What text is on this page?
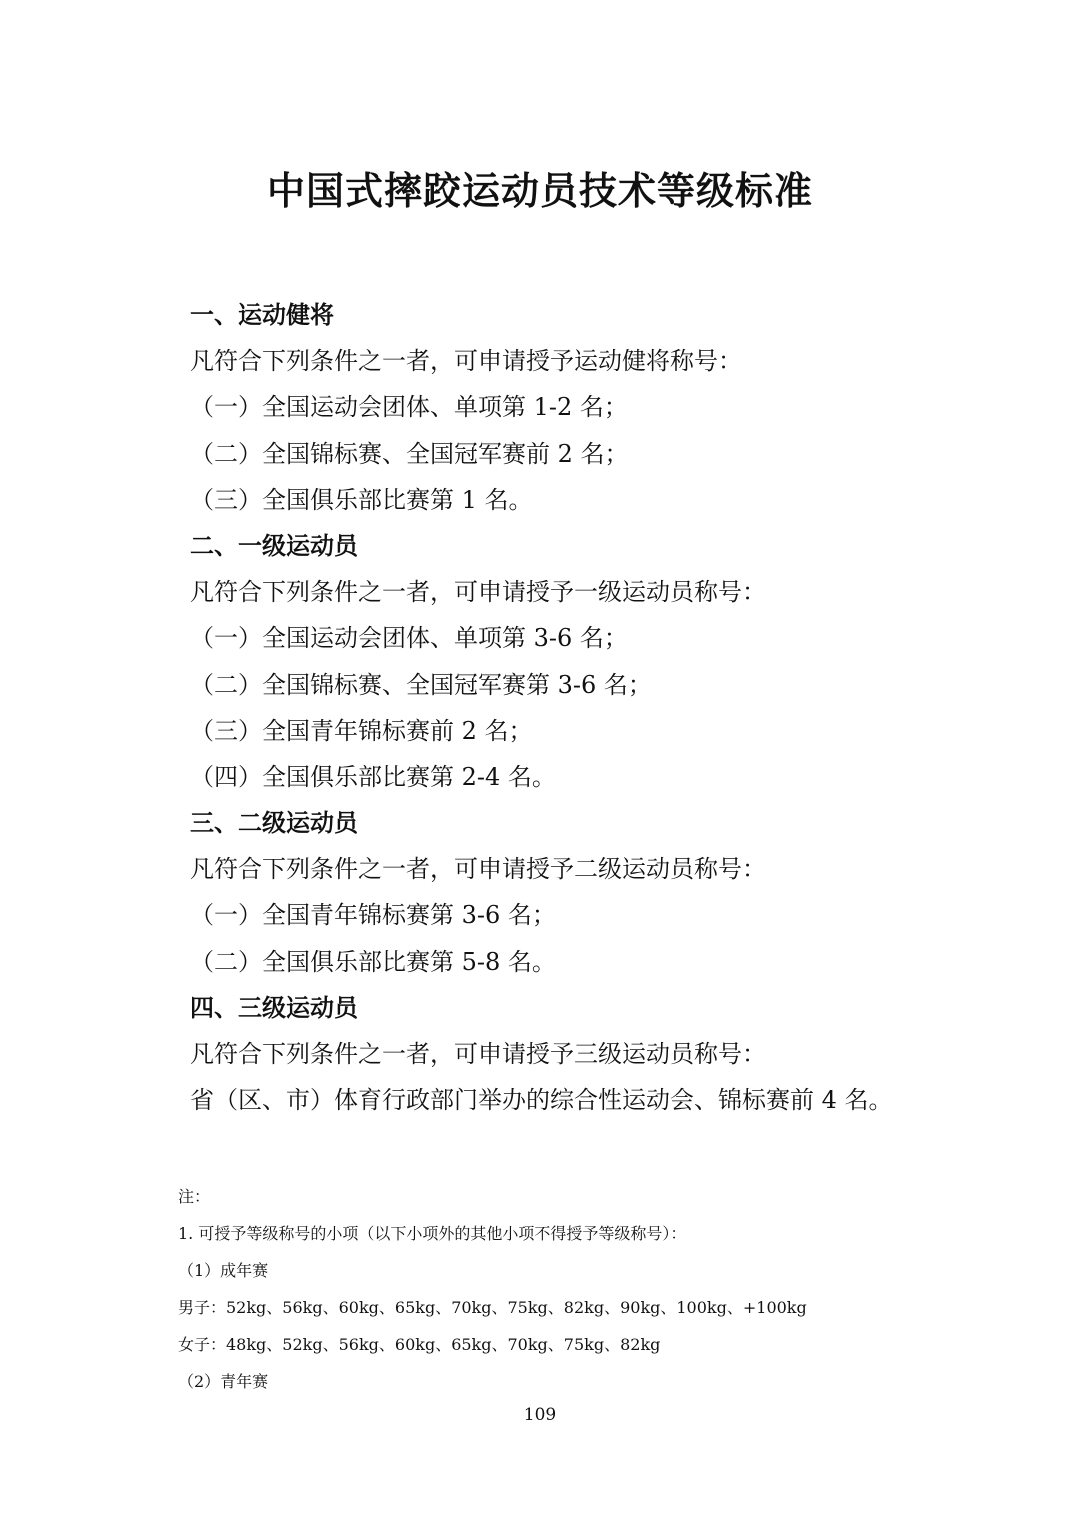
中国式摔跤运动员技术等级标准
一、运动健将
凡符合下列条件之一者，可申请授予运动健将称号：
（一）全国运动会团体、单项第 1-2 名；
（二）全国锦标赛、全国冠军赛前 2 名；
（三）全国俱乐部比赛第 1 名。
二、一级运动员
凡符合下列条件之一者，可申请授予一级运动员称号：
（一）全国运动会团体、单项第 3-6 名；
（二）全国锦标赛、全国冠军赛第 3-6 名；
（三）全国青年锦标赛前 2 名；
（四）全国俱乐部比赛第 2-4 名。
三、二级运动员
凡符合下列条件之一者，可申请授予二级运动员称号：
（一）全国青年锦标赛第 3-6 名；
（二）全国俱乐部比赛第 5-8 名。
四、三级运动员
凡符合下列条件之一者，可申请授予三级运动员称号：
省（区、市）体育行政部门举办的综合性运动会、锦标赛前 4 名。
注：
1. 可授予等级称号的小项（以下小项外的其他小项不得授予等级称号）：
（1）成年赛
男子：52kg、56kg、60kg、65kg、70kg、75kg、82kg、90kg、100kg、+100kg
女子：48kg、52kg、56kg、60kg、65kg、70kg、75kg、82kg
（2）青年赛
109
